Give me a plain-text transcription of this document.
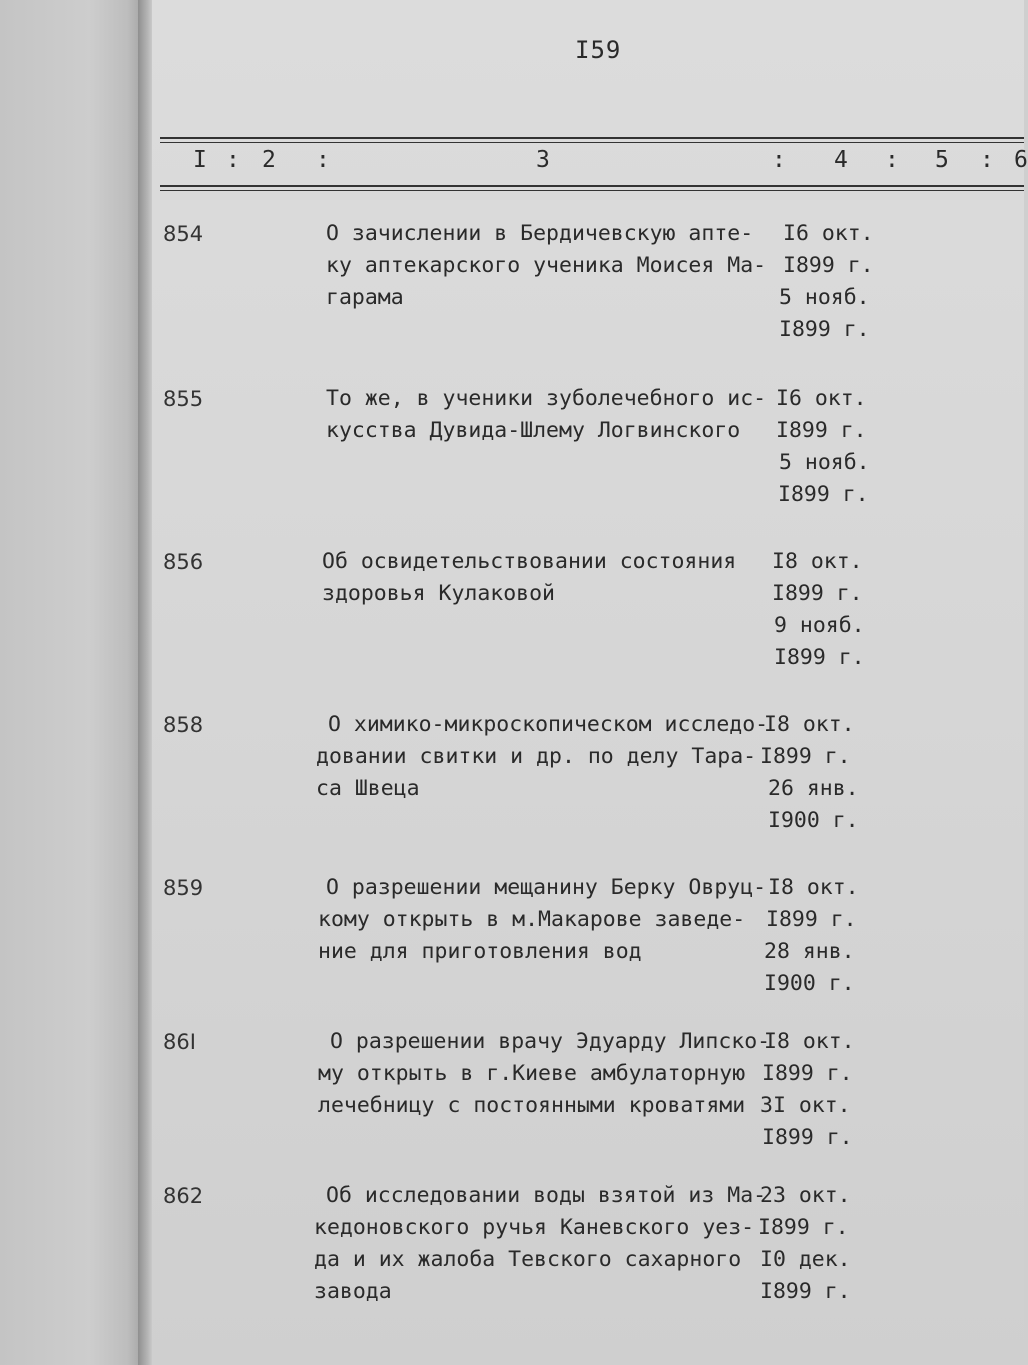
I59
I : 2 :	3	: 4 : 5 : 6
854	О зачислении в Бердичевскую апте-
ку аптекарского ученика Моисея Ма-
гарама
I6 окт.
I899 г.
5 нояб.
I899 г.
855	То же, в ученики зуболечебного ис-
кусства Дувида-Шлему Логвинского
I6 окт.
I899 г.
5 нояб.
I899 г.
856	Об освидетельствовании состояния
здоровья Кулаковой
I8 окт.
I899 г.
9 нояб.
I899 г.
858	О химико-микроскопическом исследо-
довании свитки и др. по делу Тара-
са Швеца
I8 окт.
I899 г.
26 янв.
I900 г.
859	О разрешении мещанину Берку Овруц-
кому открыть в м.Макарове заведе-
ние для приготовления вод
I8 окт.
I899 г.
28 янв.
I900 г.
86I	О разрешении врачу Эдуарду Липско-
му открыть в г.Киеве амбулаторную
лечебницу с постоянными кроватями
I8 окт.
I899 г.
3I окт.
I899 г.
862	Об исследовании воды взятой из Ма-
кедоновского ручья Каневского уез-
да и их жалоба Тевского сахарного
завода
23 окт.
I899 г.
I0 дек.
I899 г.
